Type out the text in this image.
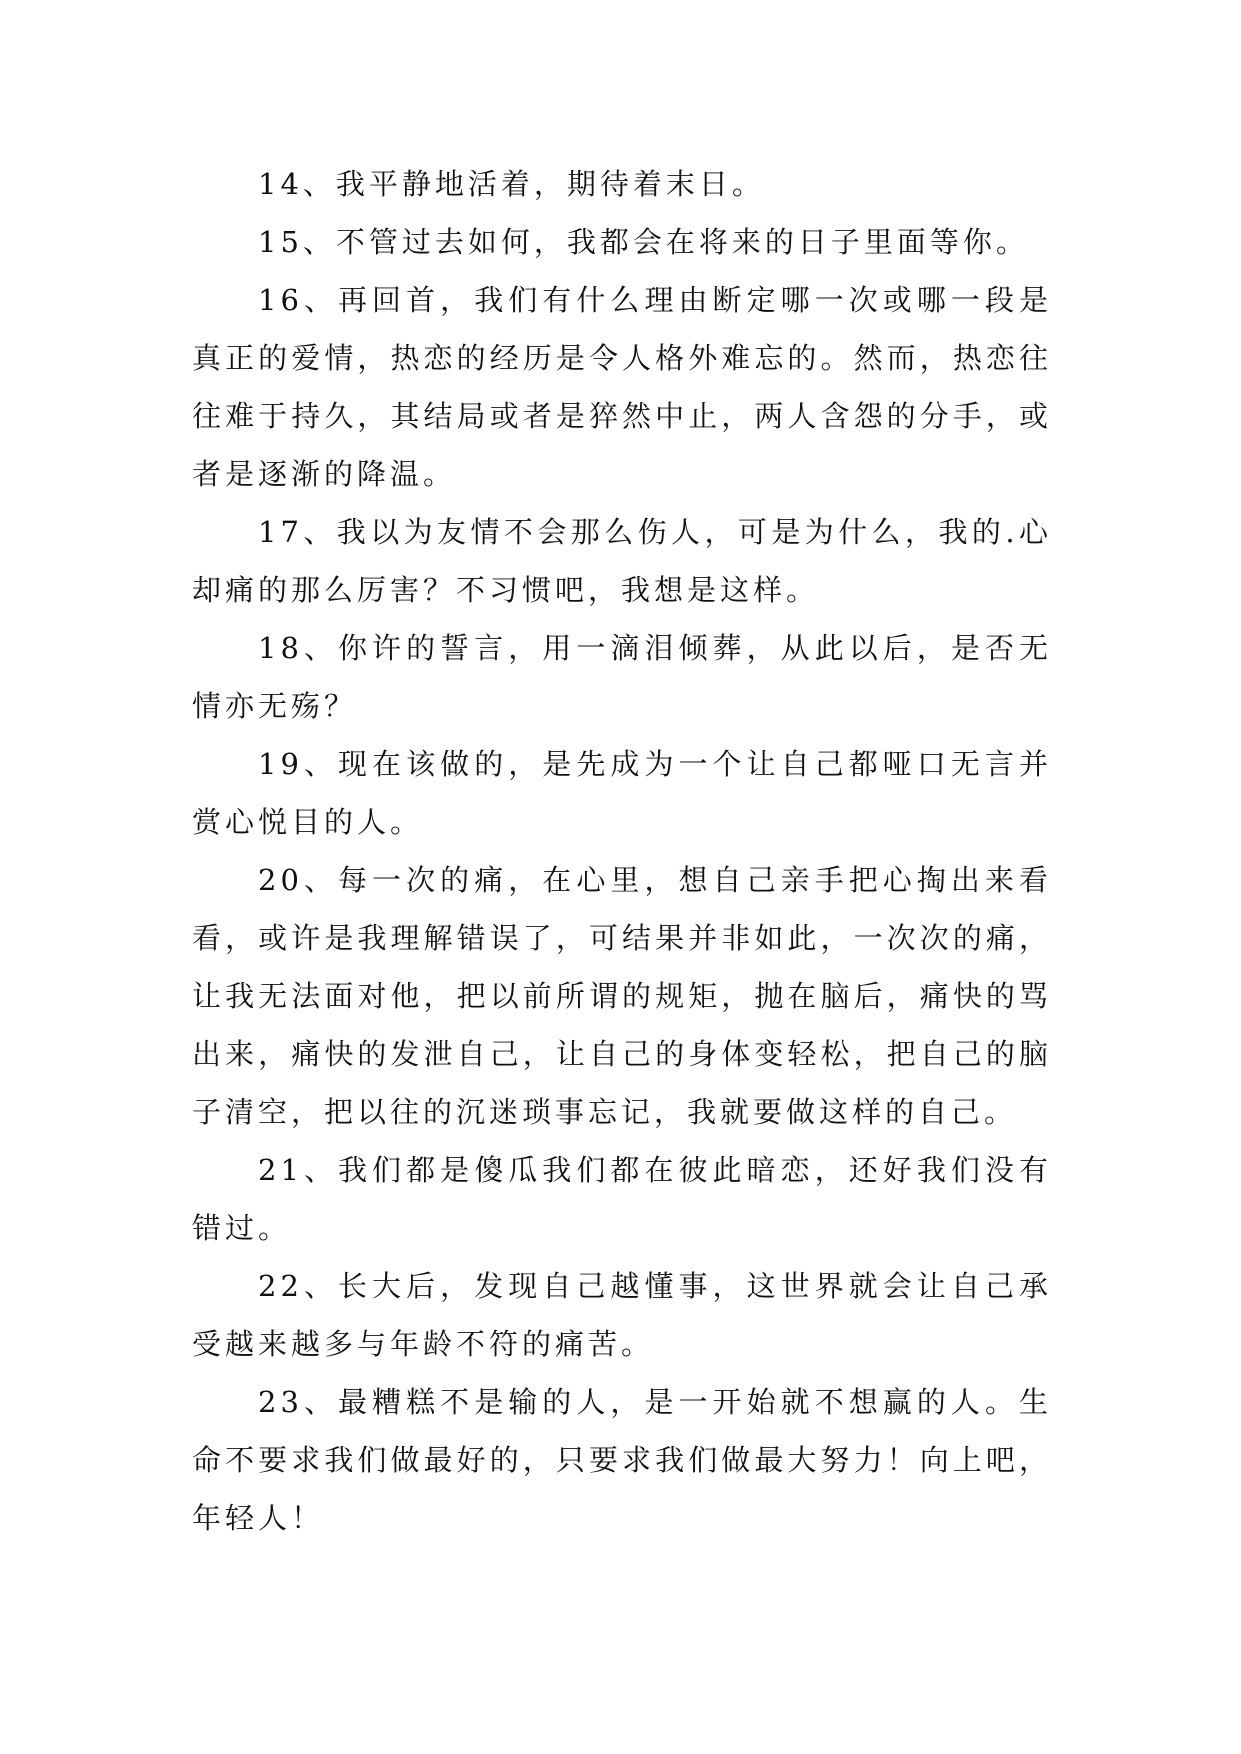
14、我平静地活着，期待着末日。

15、不管过去如何，我都会在将来的日子里面等你。

16、再回首，我们有什么理由断定哪一次或哪一段是真正的爱情，热恋的经历是令人格外难忘的。然而，热恋往往难于持久，其结局或者是猝然中止，两人含怨的分手，或者是逐渐的降温。

17、我以为友情不会那么伤人，可是为什么，我的.心却痛的那么厉害？不习惯吧，我想是这样。

18、你许的誓言，用一滴泪倾葬，从此以后，是否无情亦无殇？

19、现在该做的，是先成为一个让自己都哑口无言并赏心悦目的人。

20、每一次的痛，在心里，想自己亲手把心掏出来看看，或许是我理解错误了，可结果并非如此，一次次的痛，让我无法面对他，把以前所谓的规矩，抛在脑后，痛快的骂出来，痛快的发泄自己，让自己的身体变轻松，把自己的脑子清空，把以往的沉迷琐事忘记，我就要做这样的自己。

21、我们都是傻瓜我们都在彼此暗恋，还好我们没有错过。

22、长大后，发现自己越懂事，这世界就会让自己承受越来越多与年龄不符的痛苦。

23、最糟糕不是输的人，是一开始就不想赢的人。生命不要求我们做最好的，只要求我们做最大努力！向上吧，年轻人！
